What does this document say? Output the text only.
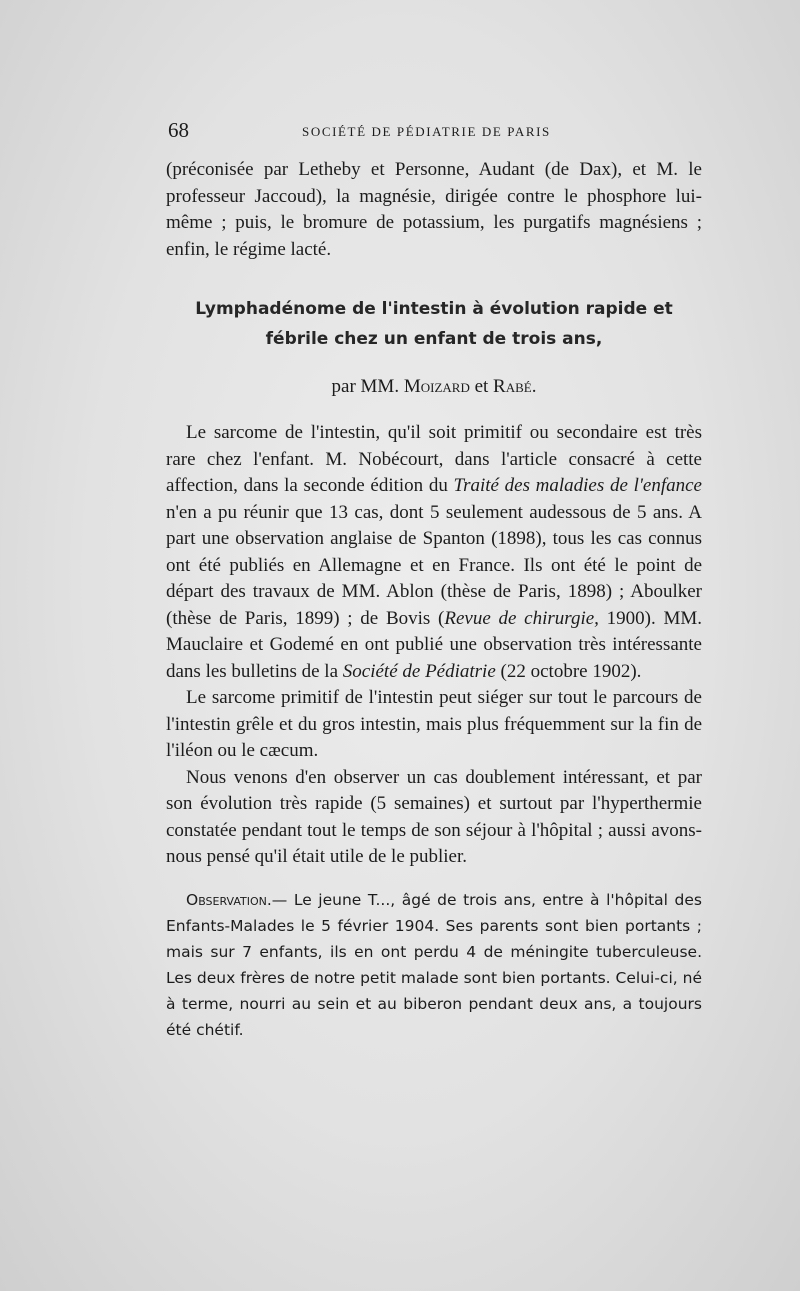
68	SOCIÉTÉ DE PÉDIATRIE DE PARIS

(préconisée par Letheby et Personne, Audant (de Dax), et M. le professeur Jaccoud), la magnésie, dirigée contre le phosphore lui-même ; puis, le bromure de potassium, les purgatifs magnésiens ; enfin, le régime lacté.

Lymphadénome de l'intestin à évolution rapide et fébrile chez un enfant de trois ans,
par MM. Moizard et Rabé.

Le sarcome de l'intestin, qu'il soit primitif ou secondaire est très rare chez l'enfant. M. Nobécourt, dans l'article consacré à cette affection, dans la seconde édition du Traité des maladies de l'enfance n'en a pu réunir que 13 cas, dont 5 seulement audessous de 5 ans. A part une observation anglaise de Spanton (1898), tous les cas connus ont été publiés en Allemagne et en France. Ils ont été le point de départ des travaux de MM. Ablon (thèse de Paris, 1898) ; Aboulker (thèse de Paris, 1899) ; de Bovis (Revue de chirurgie, 1900). MM. Mauclaire et Godemé en ont publié une observation très intéressante dans les bulletins de la Société de Pédiatrie (22 octobre 1902).

Le sarcome primitif de l'intestin peut siéger sur tout le parcours de l'intestin grêle et du gros intestin, mais plus fréquemment sur la fin de l'iléon ou le cæcum.

Nous venons d'en observer un cas doublement intéressant, et par son évolution très rapide (5 semaines) et surtout par l'hyperthermie constatée pendant tout le temps de son séjour à l'hôpital ; aussi avons-nous pensé qu'il était utile de le publier.

Observation.— Le jeune T..., âgé de trois ans, entre à l'hôpital des Enfants-Malades le 5 février 1904. Ses parents sont bien portants ; mais sur 7 enfants, ils en ont perdu 4 de méningite tuberculeuse. Les deux frères de notre petit malade sont bien portants. Celui-ci, né à terme, nourri au sein et au biberon pendant deux ans, a toujours été chétif.
